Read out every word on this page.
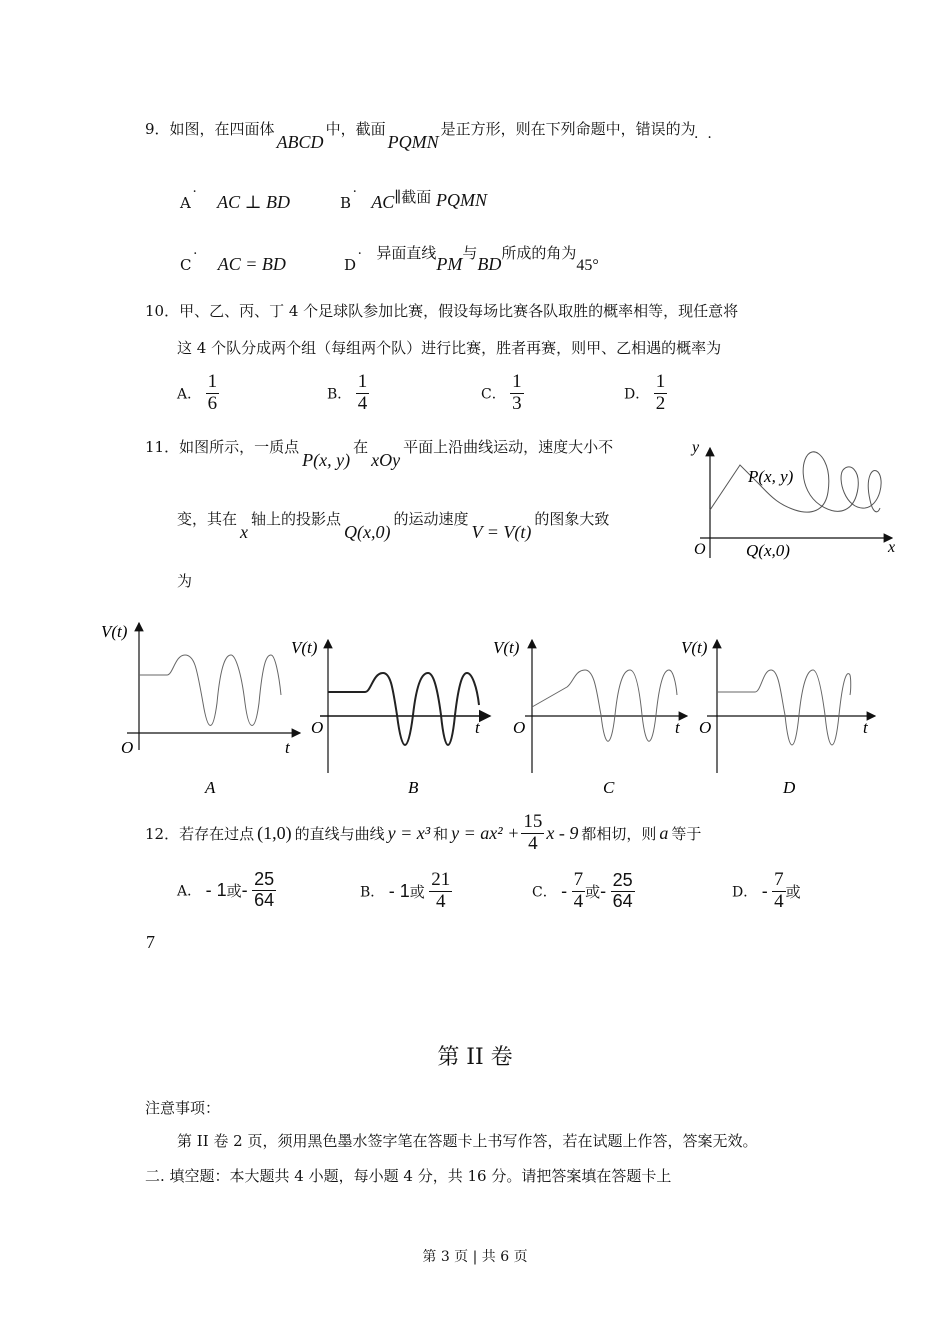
9．如图，在四面体ABCD中，截面PQMN是正方形，则在下列命题中，错误的为
·  ·
A˙ AC ⊥ BD	B˙ AC∥截面 PQMN
C˙ AC = BD	D˙ 异面直线PM与BD所成的角为45°
10．甲、乙、丙、丁 4 个足球队参加比赛，假设每场比赛各队取胜的概率相等，现任意将
这 4 个队分成两个组（每组两个队）进行比赛，胜者再赛，则甲、乙相遇的概率为
A． $\frac{1}{6}$	B． $\frac{1}{4}$	C． $\frac{1}{3}$	D． $\frac{1}{2}$
11．如图所示，一质点P(x, y)在xOy平面上沿曲线运动，速度大小不
变，其在x轴上的投影点Q(x,0)的运动速度V = V(t)的图象大致
为
y
x
O
P(x, y)
Q(x,0)
V(t)
O	t
A
V(t)
O	t
B
V(t)
O	t
C
V(t)
O	t
D
12．若存在过点 (1,0) 的直线与曲线 y = x³ 和 $y = ax^2 + \frac{15}{4}$ x - 9 都相切，则 a 等于
A． - 1或- $\frac{25}{64}$	B． - 1或 $\frac{21}{4}$	C． - $\frac{7}{4}$ 或- $\frac{25}{64}$	D． - $\frac{7}{4}$ 或
7
第 II 卷
注意事项：
第 II 卷 2 页，须用黑色墨水签字笔在答题卡上书写作答，若在试题上作答，答案无效。
二. 填空题：本大题共 4 小题，每小题 4 分，共 16 分。请把答案填在答题卡上
第 3 页 | 共 6 页
